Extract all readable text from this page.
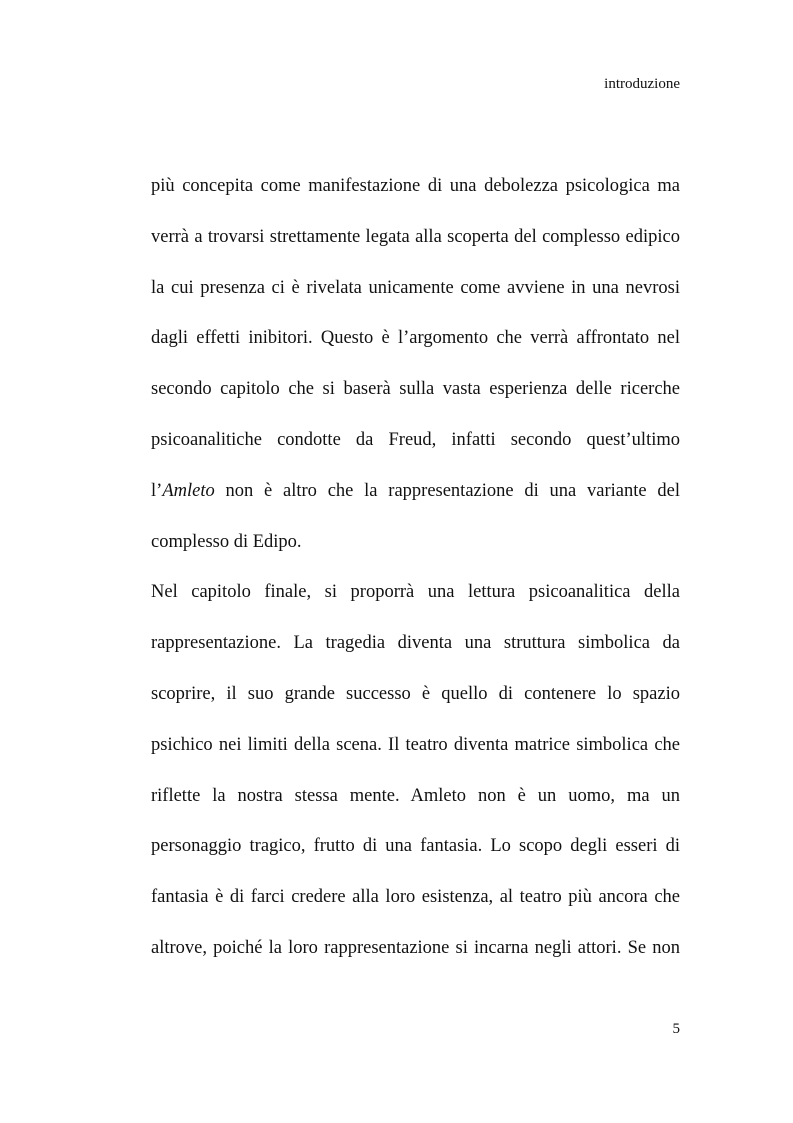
introduzione
più concepita come manifestazione di una debolezza psicologica ma
verrà a trovarsi strettamente legata alla scoperta del complesso edipico
la cui presenza ci è rivelata unicamente come avviene in una nevrosi
dagli effetti inibitori. Questo è l’argomento che verrà affrontato nel
secondo capitolo che si baserà sulla vasta esperienza delle ricerche
psicoanalitiche condotte da Freud, infatti secondo quest’ultimo
l’Amleto non è altro che la rappresentazione di una variante del
complesso di Edipo.
Nel capitolo finale, si proporrà una lettura psicoanalitica della
rappresentazione. La tragedia diventa una struttura simbolica da
scoprire, il suo grande successo è quello di contenere lo spazio
psichico nei limiti della scena. Il teatro diventa matrice simbolica che
riflette la nostra stessa mente. Amleto non è un uomo, ma un
personaggio tragico, frutto di una fantasia. Lo scopo degli esseri di
fantasia è di farci credere alla loro esistenza, al teatro più ancora che
altrove, poiché la loro rappresentazione si incarna negli attori. Se non
5
